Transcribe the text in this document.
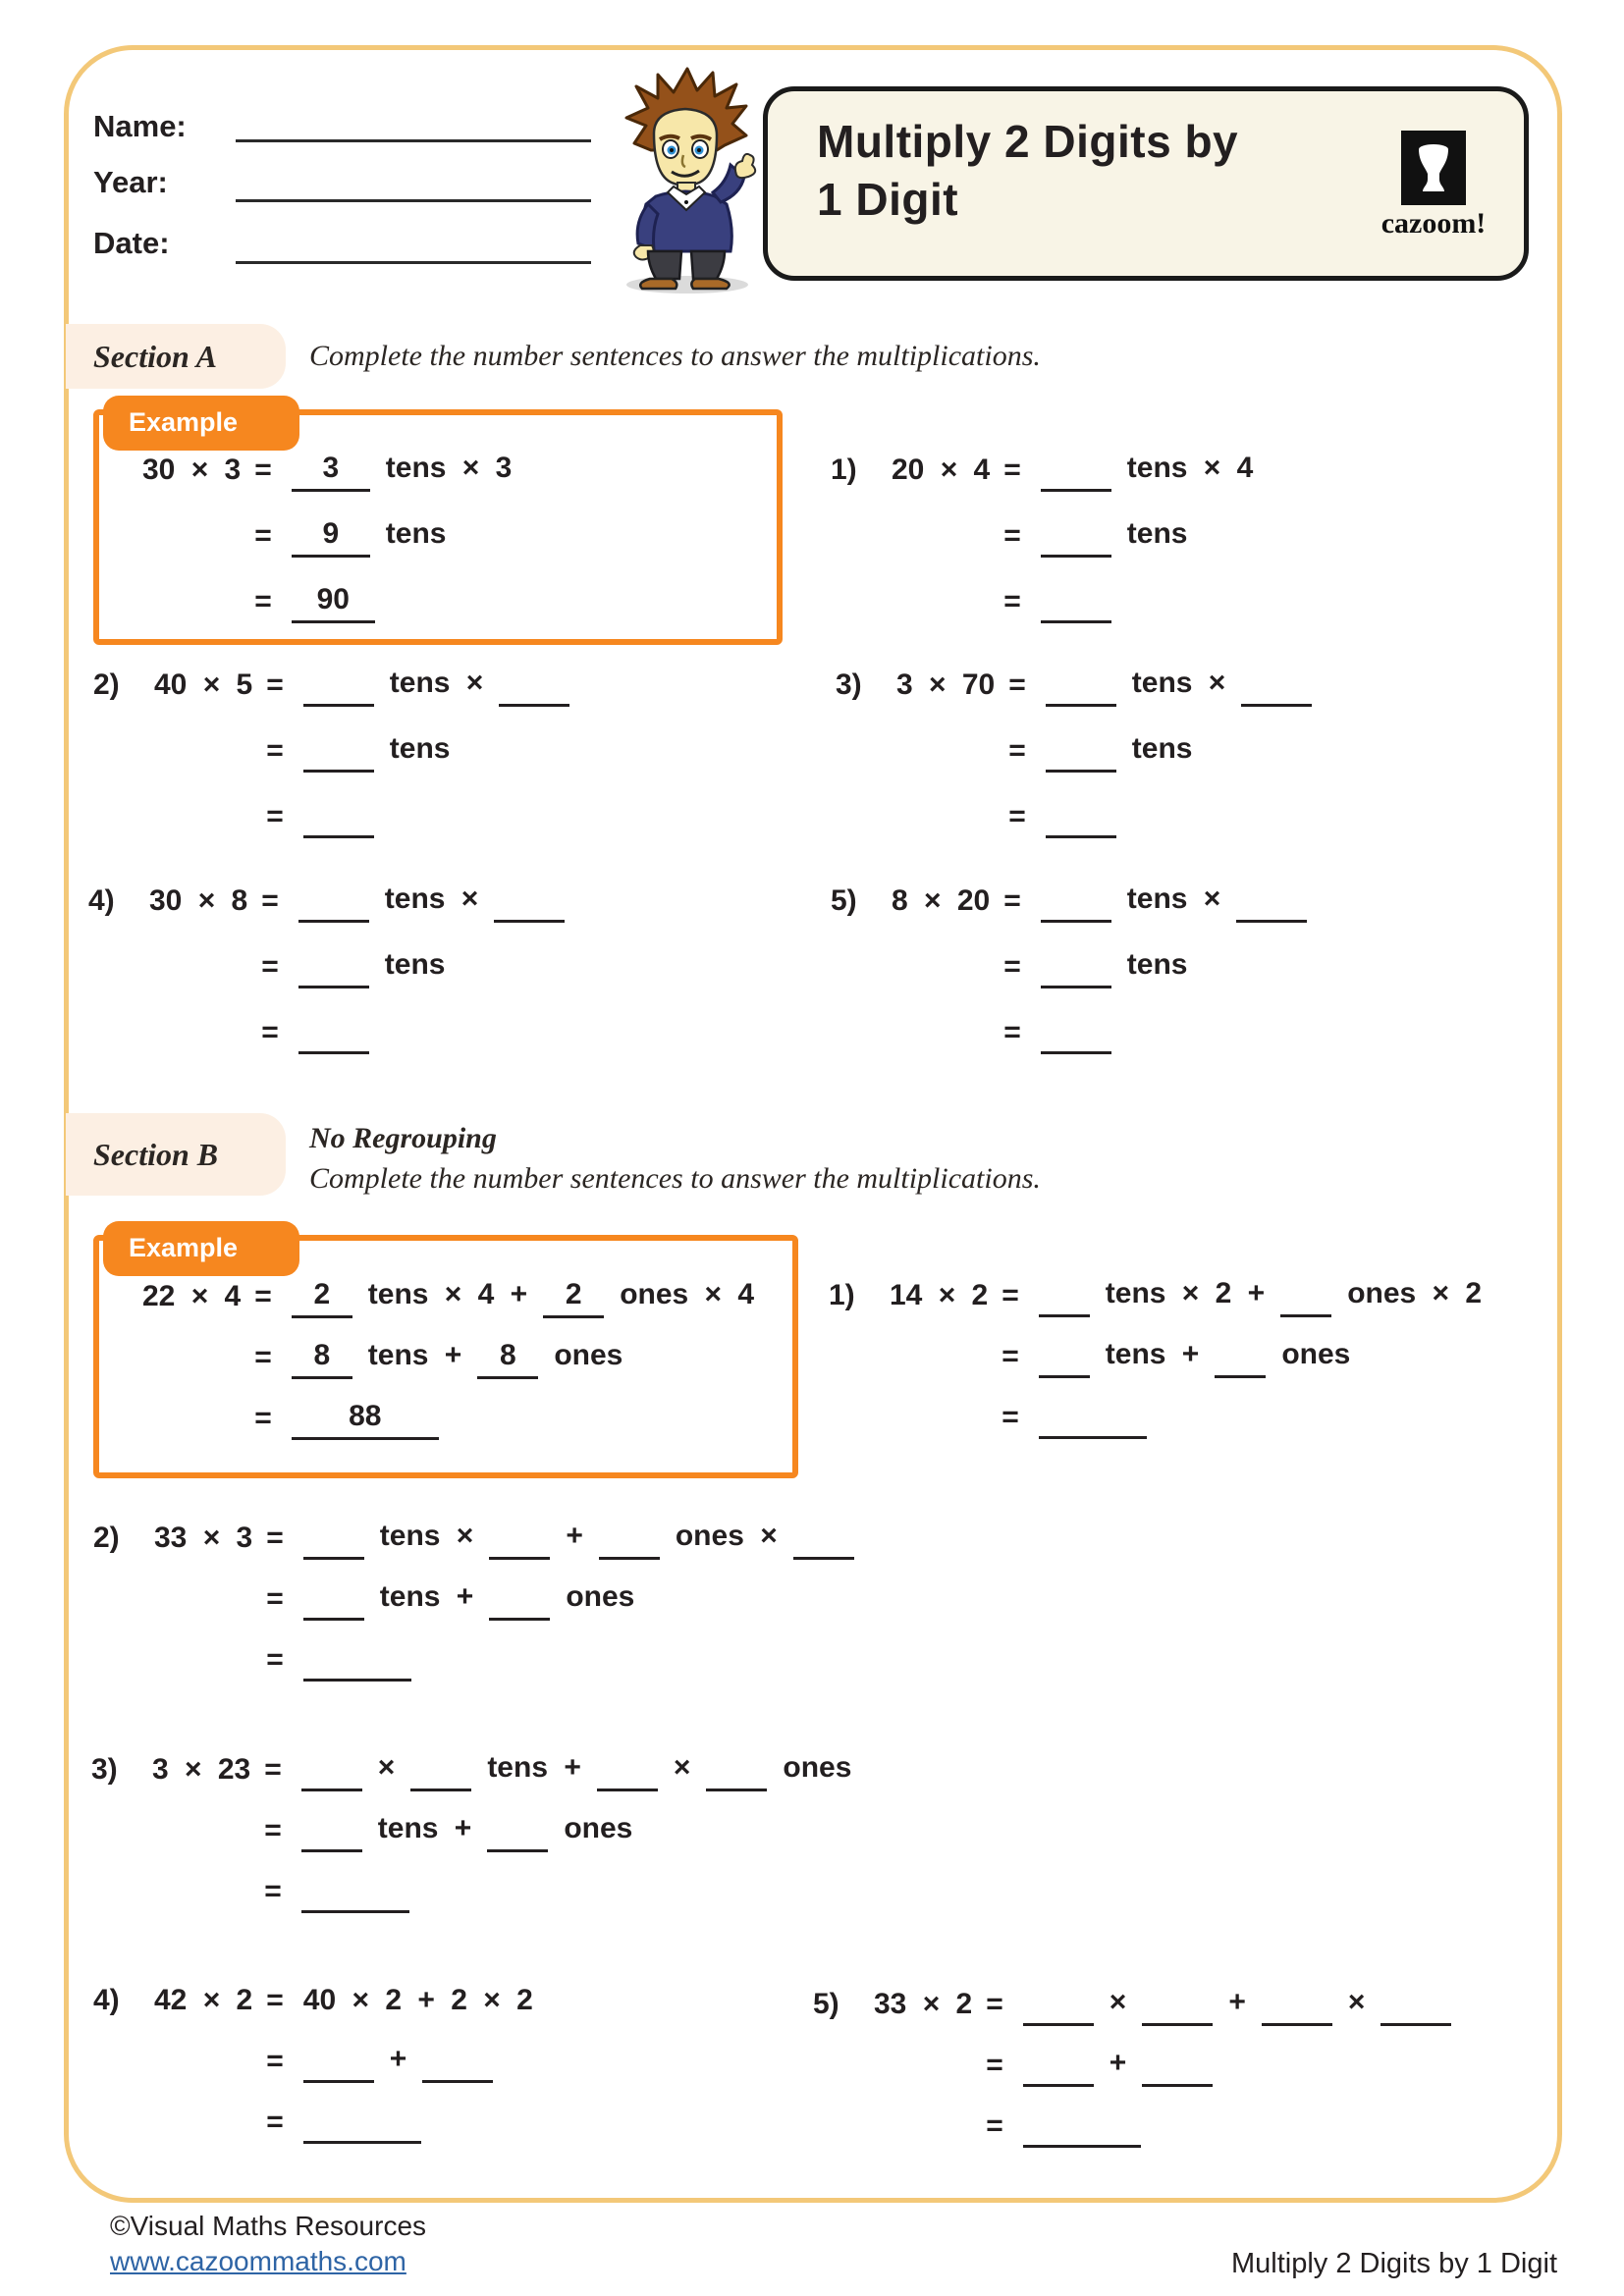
Name:
Year:
Date:
Multiply 2 Digits by
1 Digit	cazoom!
Section A	Complete the number sentences to answer the multiplications.
Example
30 × 3	=	3 tens × 3
	=	9 tens
	=	90
1)	20 × 4	=	tens × 4
		=	tens
		=	
2)	40 × 5	=	tens ×
		=	tens
		=	
3)	3 × 70	=	tens ×
		=	tens
		=	
4)	30 × 8	=	tens ×
		=	tens
		=	
5)	8 × 20	=	tens ×
		=	tens
		=	
Section B	No Regrouping
Complete the number sentences to answer the multiplications.
Example
22 × 4	=	2 tens × 4 + 2 ones × 4
	=	8 tens + 8 ones
	=	88
1)	14 × 2	=	tens × 2 + ones × 2
		=	tens + ones
		=	
2)	33 × 3	=	tens × + ones ×
		=	tens + ones
		=	
3)	3 × 23	=	× tens + × ones
		=	tens + ones
		=	
4)	42 × 2	=	40 × 2 + 2 × 2
		=	+
		=	
5)	33 × 2	=	× + ×
		=	+
		=	
©Visual Maths Resources
www.cazoommaths.com	Multiply 2 Digits by 1 Digit
